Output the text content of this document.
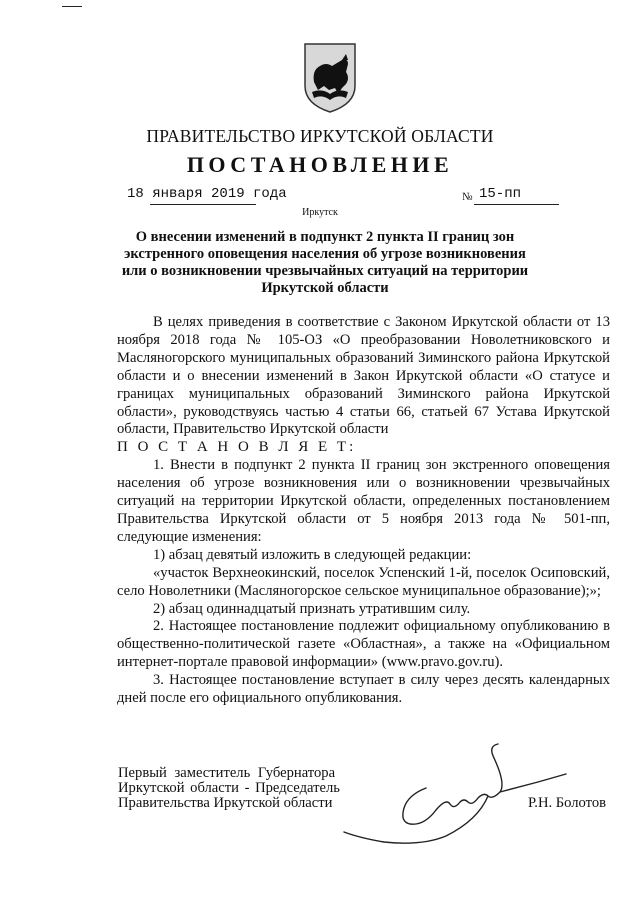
ПРАВИТЕЛЬСТВО ИРКУТСКОЙ ОБЛАСТИ
ПОСТАНОВЛЕНИЕ
18 января 2019 года	№ 15-пп
Иркутск
О внесении изменений в подпункт 2 пункта II границ зон экстренного оповещения населения об угрозе возникновения или о возникновении чрезвычайных ситуаций на территории Иркутской области

В целях приведения в соответствие с Законом Иркутской области от 13 ноября 2018 года № 105-ОЗ «О преобразовании Новолетниковского и Масляногорского муниципальных образований Зиминского района Иркутской области и о внесении изменений в Закон Иркутской области «О статусе и границах муниципальных образований Зиминского района Иркутской области», руководствуясь частью 4 статьи 66, статьей 67 Устава Иркутской области, Правительство Иркутской области

П О С Т А Н О В Л Я Е Т:

1. Внести в подпункт 2 пункта II границ зон экстренного оповещения населения об угрозе возникновения или о возникновении чрезвычайных ситуаций на территории Иркутской области, определенных постановлением Правительства Иркутской области от 5 ноября 2013 года № 501-пп, следующие изменения:

1) абзац девятый изложить в следующей редакции:

«участок Верхнеокинский, поселок Успенский 1-й, поселок Осиповский, село Новолетники (Масляногорское сельское муниципальное образование);»;

2) абзац одиннадцатый признать утратившим силу.

2. Настоящее постановление подлежит официальному опубликованию в общественно-политической газете «Областная», а также на «Официальном интернет-портале правовой информации» (www.pravo.gov.ru).

3. Настоящее постановление вступает в силу через десять календарных дней после его официального опубликования.

Первый заместитель Губернатора
Иркутской области - Председатель
Правительства Иркутской области	Р.Н. Болотов
